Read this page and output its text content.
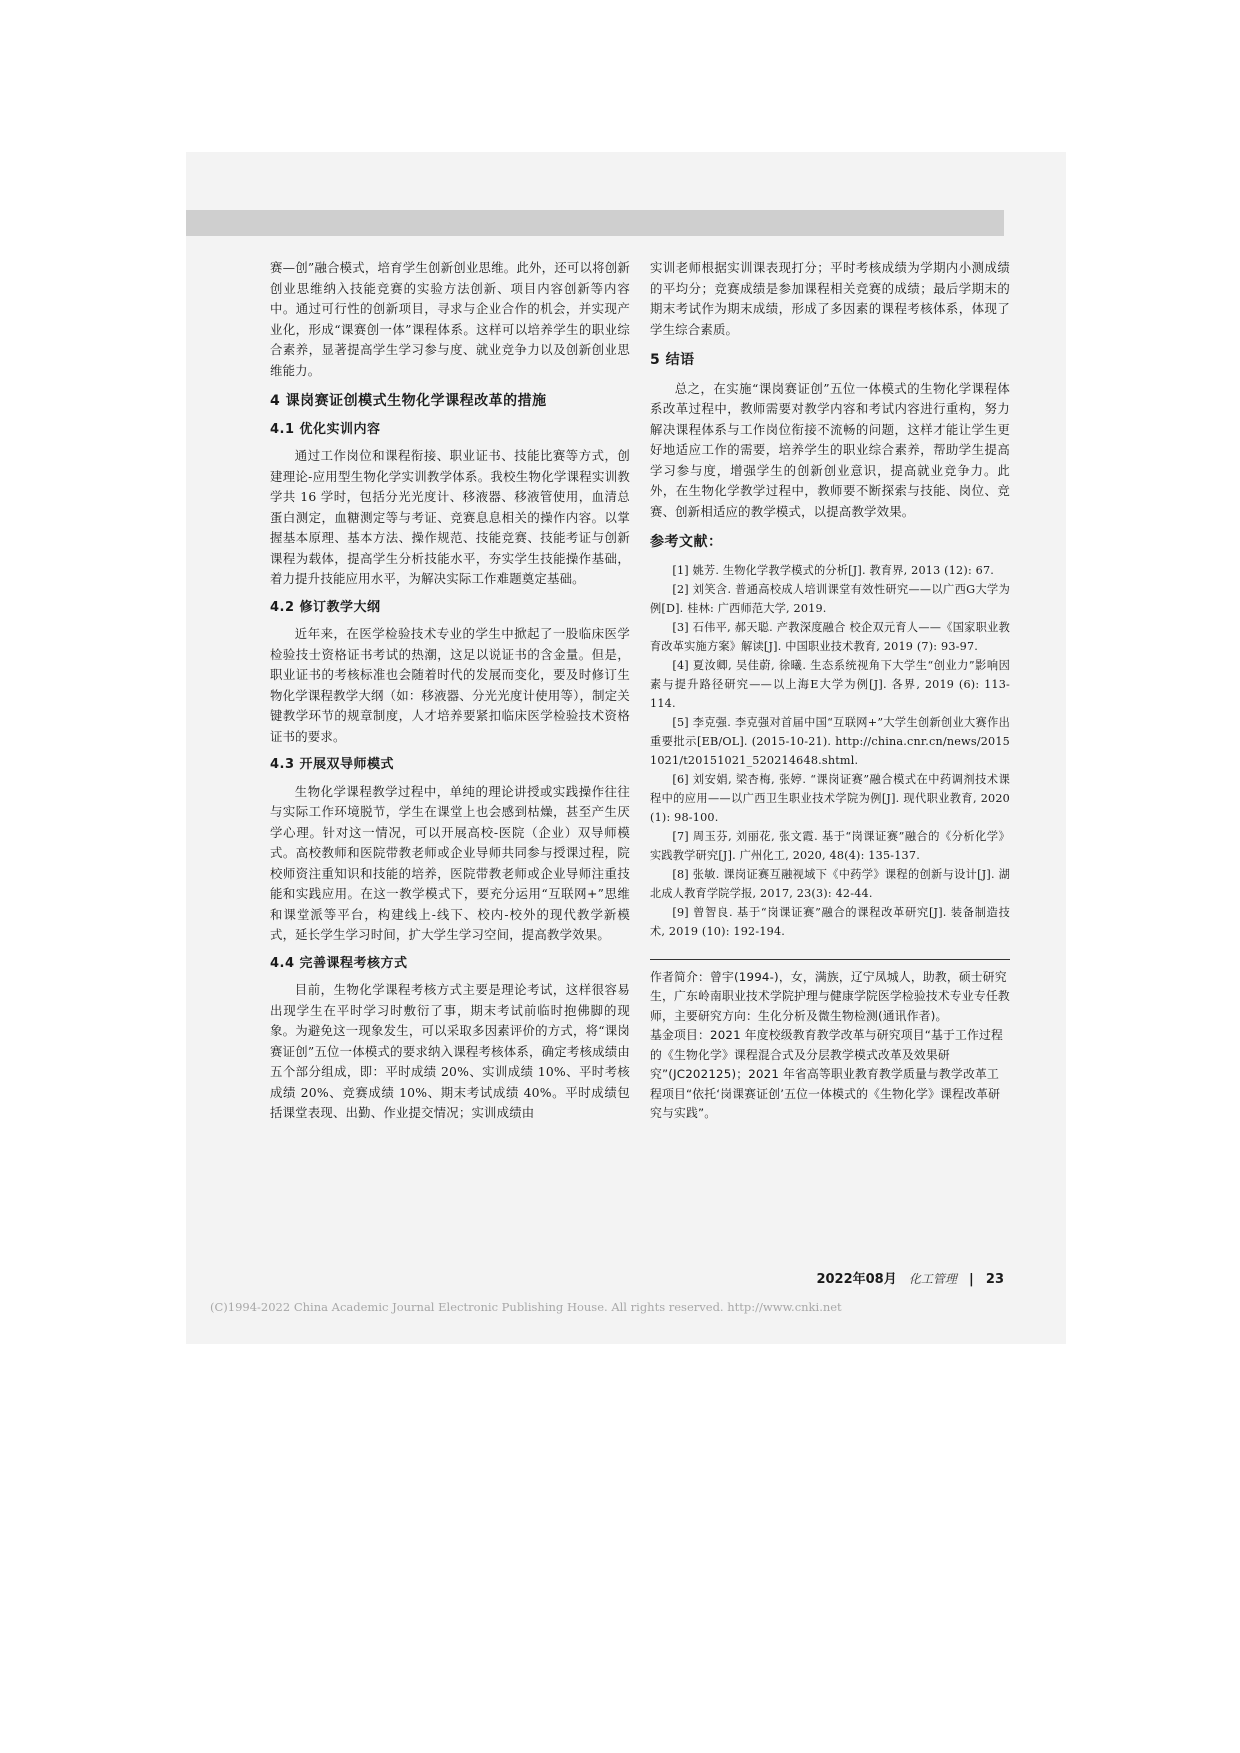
赛—创”融合模式，培育学生创新创业思维。此外，还可以将创新创业思维纳入技能竞赛的实验方法创新、项目内容创新等内容中。通过可行性的创新项目，寻求与企业合作的机会，并实现产业化，形成“课赛创一体”课程体系。这样可以培养学生的职业综合素养，显著提高学生学习参与度、就业竞争力以及创新创业思维能力。

4 课岗赛证创模式生物化学课程改革的措施
4.1 优化实训内容

通过工作岗位和课程衔接、职业证书、技能比赛等方式，创建理论-应用型生物化学实训教学体系。我校生物化学课程实训教学共 16 学时，包括分光光度计、移液器、移液管使用，血清总蛋白测定，血糖测定等与考证、竞赛息息相关的操作内容。以掌握基本原理、基本方法、操作规范、技能竞赛、技能考证与创新课程为载体，提高学生分析技能水平，夯实学生技能操作基础，着力提升技能应用水平，为解决实际工作难题奠定基础。

4.2 修订教学大纲

近年来，在医学检验技术专业的学生中掀起了一股临床医学检验技士资格证书考试的热潮，这足以说证书的含金量。但是，职业证书的考核标准也会随着时代的发展而变化，要及时修订生物化学课程教学大纲（如：移液器、分光光度计使用等），制定关键教学环节的规章制度，人才培养要紧扣临床医学检验技术资格证书的要求。

4.3 开展双导师模式

生物化学课程教学过程中，单纯的理论讲授或实践操作往往与实际工作环境脱节，学生在课堂上也会感到枯燥，甚至产生厌学心理。针对这一情况，可以开展高校-医院（企业）双导师模式。高校教师和医院带教老师或企业导师共同参与授课过程，院校师资注重知识和技能的培养，医院带教老师或企业导师注重技能和实践应用。在这一教学模式下，要充分运用“互联网+”思维和课堂派等平台，构建线上-线下、校内-校外的现代教学新模式，延长学生学习时间，扩大学生学习空间，提高教学效果。

4.4 完善课程考核方式

目前，生物化学课程考核方式主要是理论考试，这样很容易出现学生在平时学习时敷衍了事，期末考试前临时抱佛脚的现象。为避免这一现象发生，可以采取多因素评价的方式，将“课岗赛证创”五位一体模式的要求纳入课程考核体系，确定考核成绩由五个部分组成，即：平时成绩 20%、实训成绩 10%、平时考核成绩 20%、竞赛成绩 10%、期末考试成绩 40%。平时成绩包括课堂表现、出勤、作业提交情况；实训成绩由

实训老师根据实训课表现打分；平时考核成绩为学期内小测成绩的平均分；竞赛成绩是参加课程相关竞赛的成绩；最后学期末的期末考试作为期末成绩，形成了多因素的课程考核体系，体现了学生综合素质。

5 结语

总之，在实施“课岗赛证创”五位一体模式的生物化学课程体系改革过程中，教师需要对教学内容和考试内容进行重构，努力解决课程体系与工作岗位衔接不流畅的问题，这样才能让学生更好地适应工作的需要，培养学生的职业综合素养，帮助学生提高学习参与度，增强学生的创新创业意识，提高就业竞争力。此外，在生物化学教学过程中，教师要不断探索与技能、岗位、竞赛、创新相适应的教学模式，以提高教学效果。

参考文献：

[1] 姚芳. 生物化学教学模式的分析[J]. 教育界, 2013 (12): 67.

[2] 刘笑含. 普通高校成人培训课堂有效性研究——以广西G大学为例[D]. 桂林: 广西师范大学, 2019.

[3] 石伟平, 郝天聪. 产教深度融合 校企双元育人——《国家职业教育改革实施方案》解读[J]. 中国职业技术教育, 2019 (7): 93-97.

[4] 夏汝卿, 吴佳蔚, 徐曦. 生态系统视角下大学生“创业力”影响因素与提升路径研究——以上海E大学为例[J]. 各界, 2019 (6): 113-114.

[5] 李克强. 李克强对首届中国“互联网+”大学生创新创业大赛作出重要批示[EB/OL]. (2015-10-21). http://china.cnr.cn/news/20151021/t20151021_520214648.shtml.

[6] 刘安娟, 梁杏梅, 张婷. “课岗证赛”融合模式在中药调剂技术课程中的应用——以广西卫生职业技术学院为例[J]. 现代职业教育, 2020 (1): 98-100.

[7] 周玉芬, 刘丽花, 张文霞. 基于“岗课证赛”融合的《分析化学》实践教学研究[J]. 广州化工, 2020, 48(4): 135-137.

[8] 张敏. 课岗证赛互融视域下《中药学》课程的创新与设计[J]. 湖北成人教育学院学报, 2017, 23(3): 42-44.

[9] 曾智良. 基于“岗课证赛”融合的课程改革研究[J]. 装备制造技术, 2019 (10): 192-194.

作者简介：曾宇(1994-)，女，满族，辽宁凤城人，助教，硕士研究生，广东岭南职业技术学院护理与健康学院医学检验技术专业专任教师，主要研究方向：生化分析及微生物检测(通讯作者)。

基金项目：2021 年度校级教育教学改革与研究项目“基于工作过程的《生物化学》课程混合式及分层教学模式改革及效果研究”(JC202125)；2021 年省高等职业教育教学质量与教学改革工程项目“依托‘岗课赛证创’五位一体模式的《生物化学》课程改革研究与实践”。

2022年08月 化工管理 | 23
(C)1994-2022 China Academic Journal Electronic Publishing House. All rights reserved. http://www.cnki.net
